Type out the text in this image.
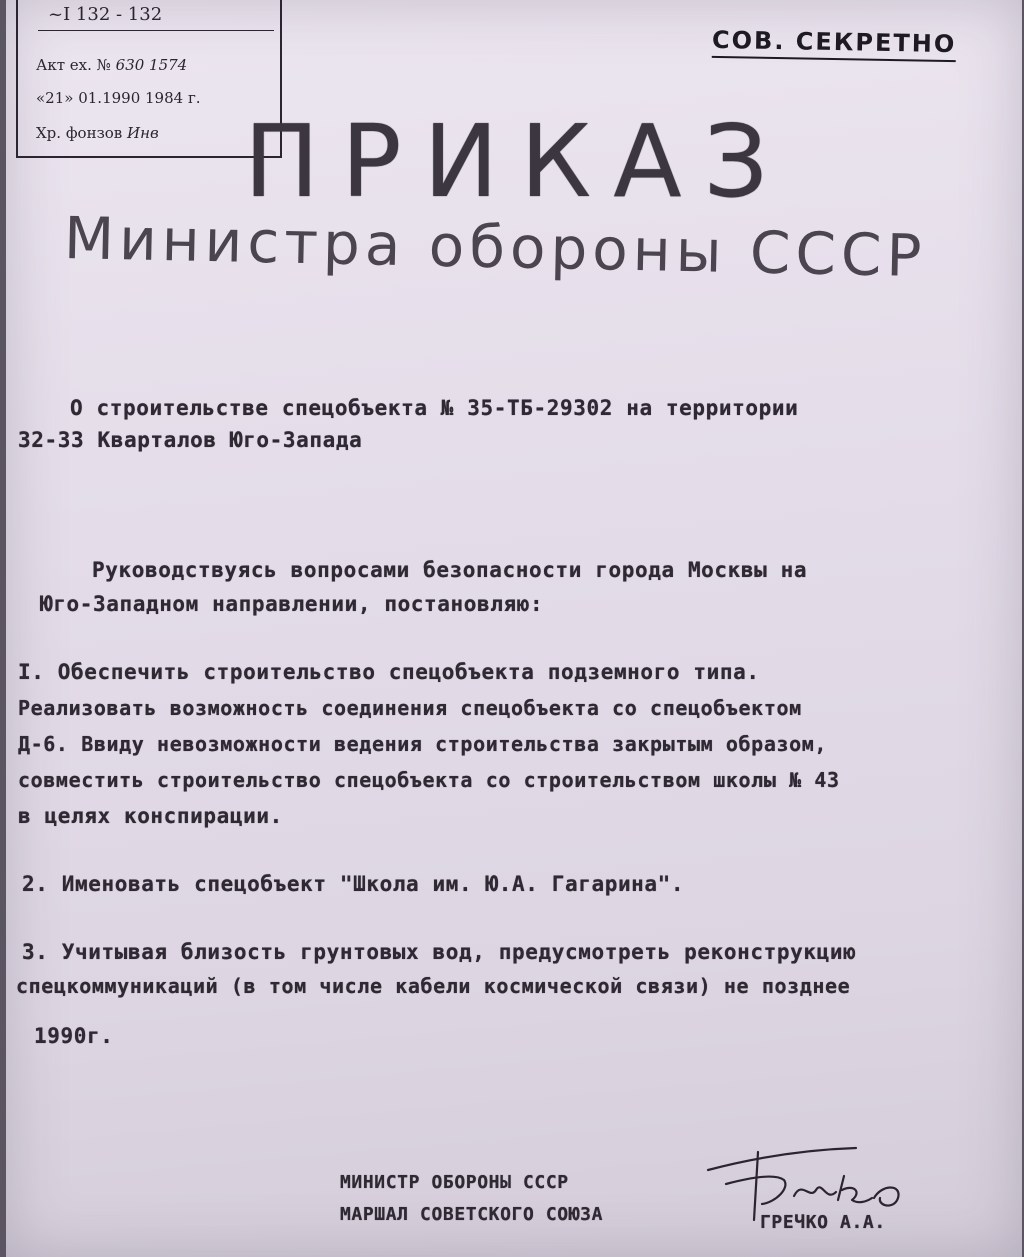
~I 132 - 132
Акт ех. № 630 1574
«21» 01.1990 1984 г.
Хр. фонзов Инв
СОВ. СЕКРЕТНО
ПРИКАЗ
Министра обороны СССР
О строительстве спецобъекта № 35-ТБ-29302 на территории
32-33 Кварталов Юго-Запада
Руководствуясь вопросами безопасности города Москвы на
Юго-Западном направлении, постановляю:
I. Обеспечить строительство спецобъекта подземного типа.
Реализовать возможность соединения спецобъекта со спецобъектом
Д-6. Ввиду невозможности ведения строительства закрытым образом,
совместить строительство спецобъекта со строительством школы № 43
в целях конспирации.
2. Именовать спецобъект "Школа им. Ю.А. Гагарина".
3. Учитывая близость грунтовых вод, предусмотреть реконструкцию
спецкоммуникаций (в том числе кабели космической связи) не позднее
1990г.
МИНИСТР ОБОРОНЫ СССР
МАРШАЛ СОВЕТСКОГО СОЮЗА	ГРЕЧКО А.А.
